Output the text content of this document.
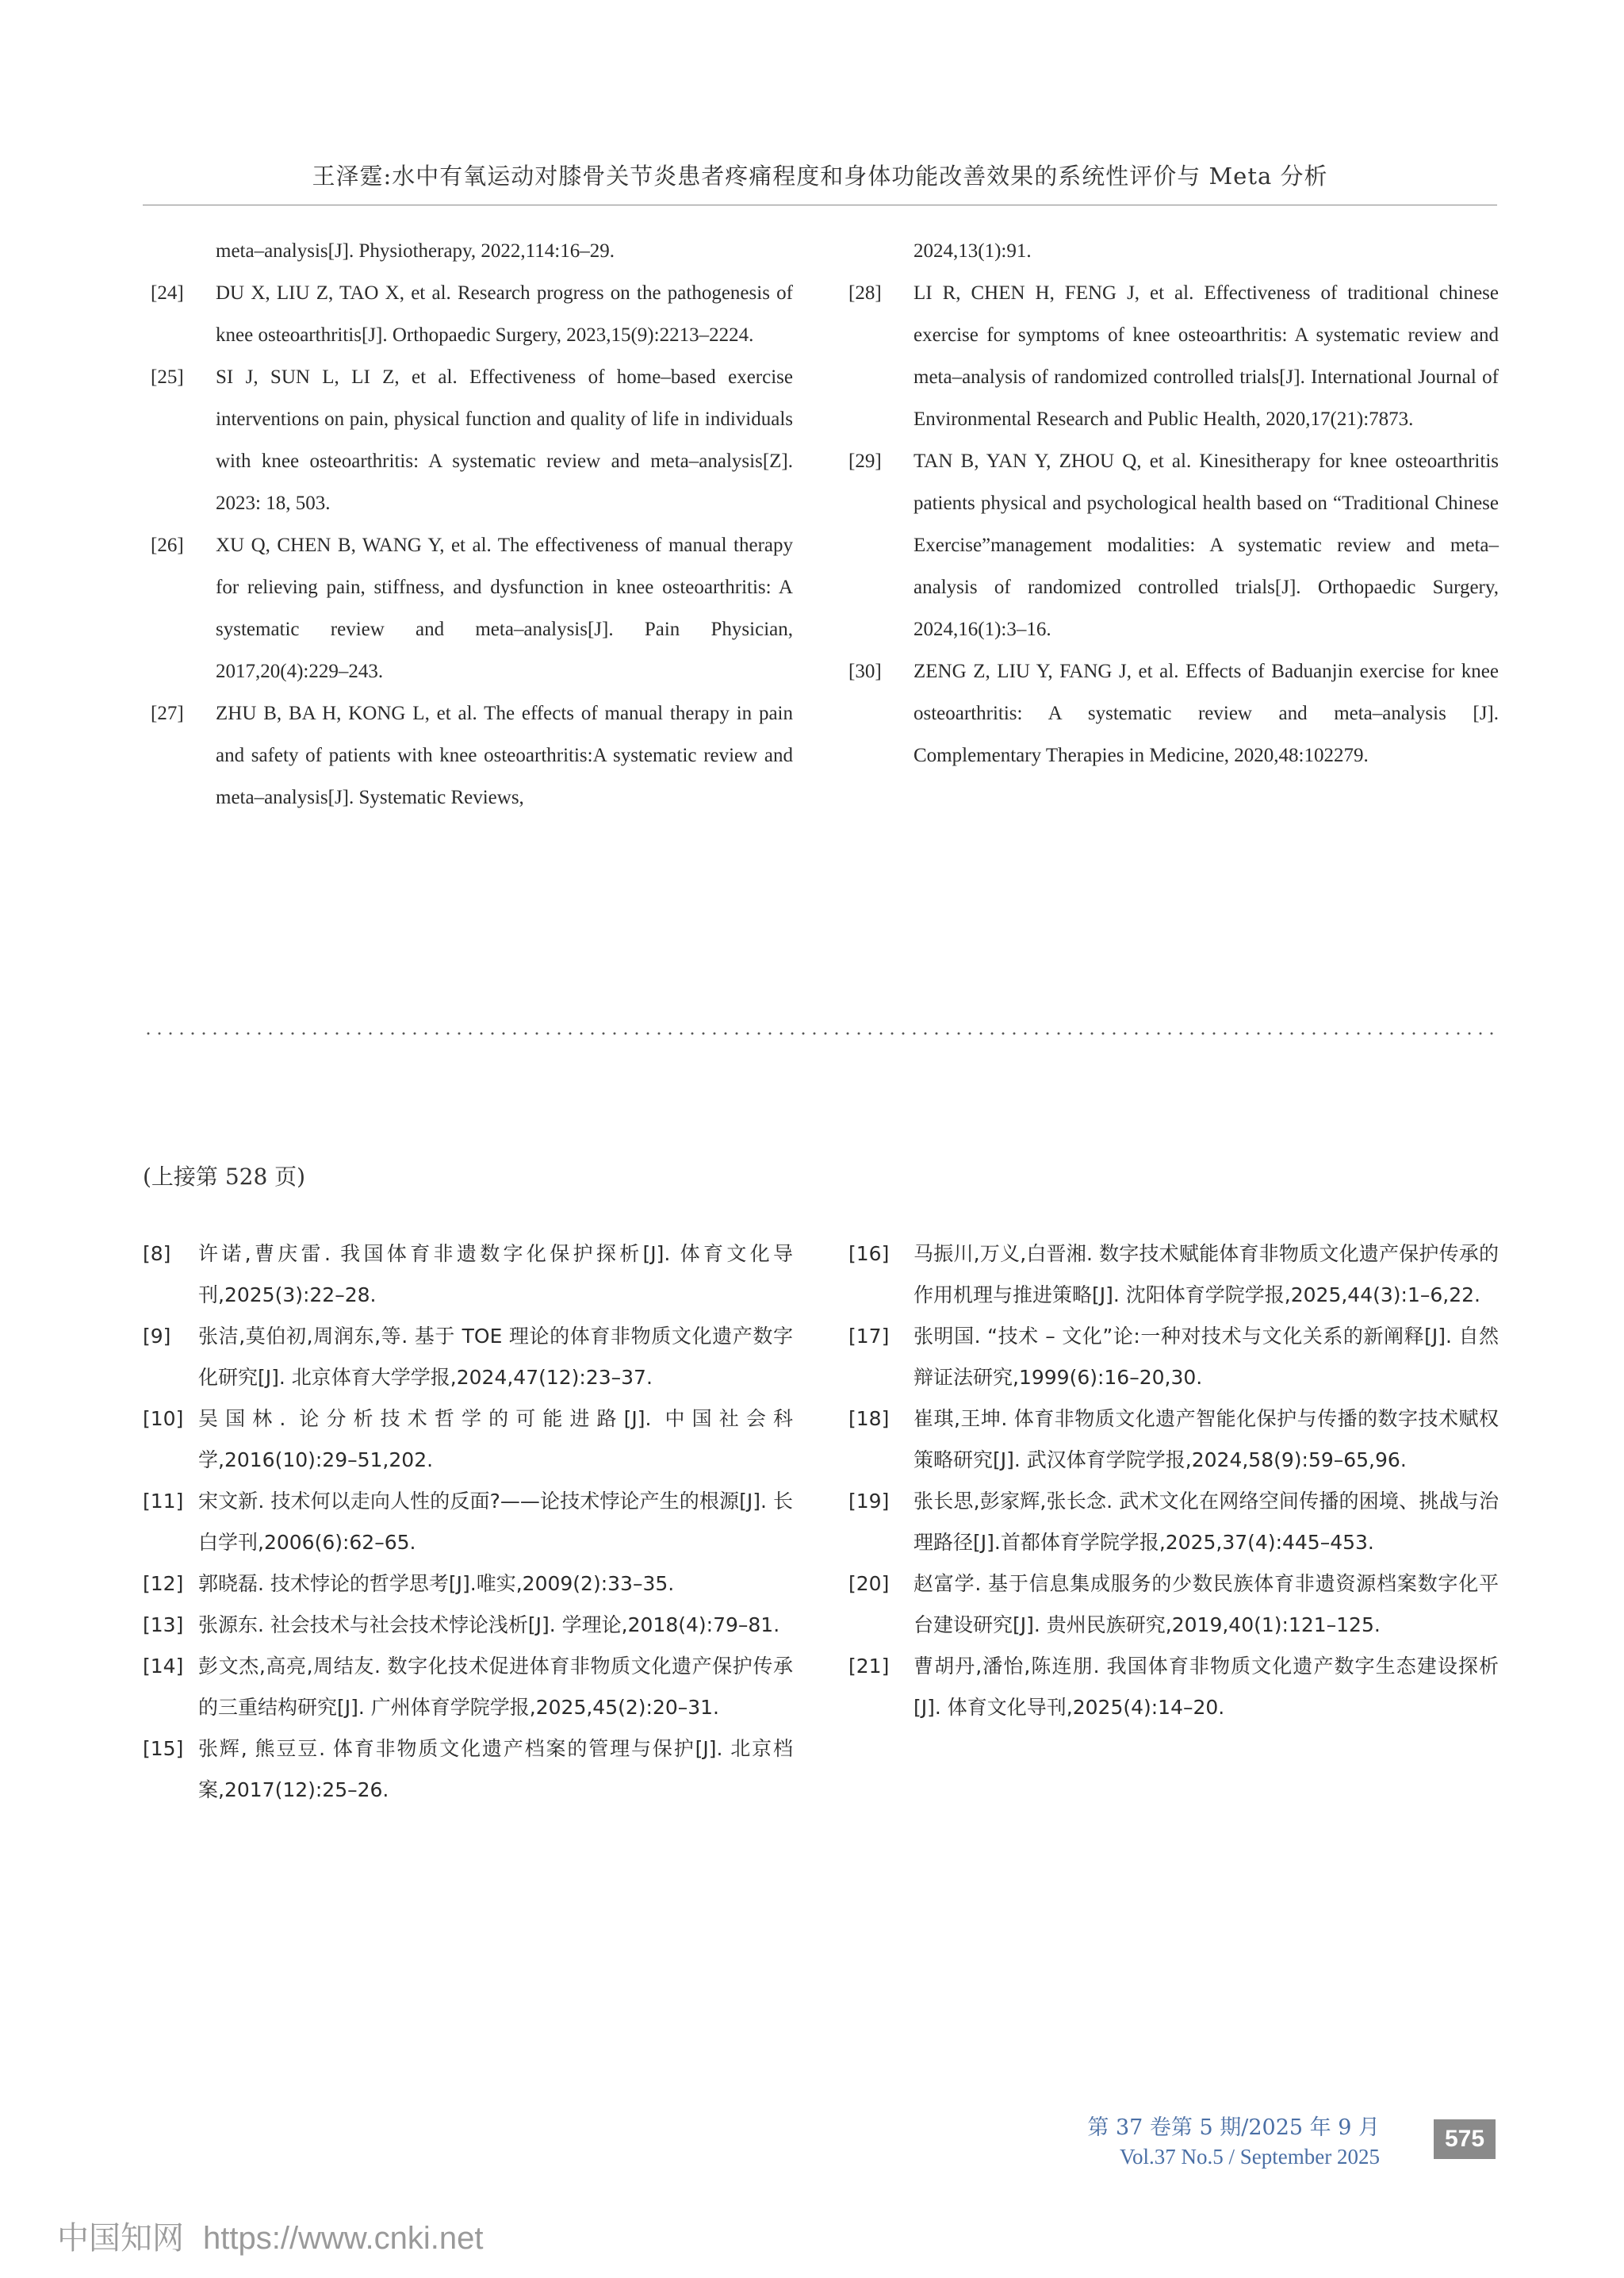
王泽霆:水中有氧运动对膝骨关节炎患者疼痛程度和身体功能改善效果的系统性评价与 Meta 分析
meta–analysis[J]. Physiotherapy, 2022,114:16–29.
[24] DU X, LIU Z, TAO X, et al. Research progress on the pathogenesis of knee osteoarthritis[J]. Orthopaedic Surgery, 2023,15(9):2213–2224.
[25] SI J, SUN L, LI Z, et al. Effectiveness of home–based exercise interventions on pain, physical function and quality of life in individuals with knee osteoarthritis: A systematic review and meta–analysis[Z]. 2023: 18, 503.
[26] XU Q, CHEN B, WANG Y, et al. The effectiveness of manual therapy for relieving pain, stiffness, and dysfunction in knee osteoarthritis: A systematic review and meta–analysis[J]. Pain Physician, 2017,20(4):229–243.
[27] ZHU B, BA H, KONG L, et al. The effects of manual therapy in pain and safety of patients with knee osteoarthritis:A systematic review and meta–analysis[J]. Systematic Reviews,
2024,13(1):91.
[28] LI R, CHEN H, FENG J, et al. Effectiveness of traditional chinese exercise for symptoms of knee osteoarthritis: A systematic review and meta–analysis of randomized controlled trials[J]. International Journal of Environmental Research and Public Health, 2020,17(21):7873.
[29] TAN B, YAN Y, ZHOU Q, et al. Kinesitherapy for knee osteoarthritis patients physical and psychological health based on “Traditional Chinese Exercise”management modalities: A systematic review and meta–analysis of randomized controlled trials[J]. Orthopaedic Surgery, 2024,16(1):3–16.
[30] ZENG Z, LIU Y, FANG J, et al. Effects of Baduanjin exercise for knee osteoarthritis: A systematic review and meta–analysis [J]. Complementary Therapies in Medicine, 2020,48:102279.
(上接第 528 页)
[8] 许诺,曹庆雷. 我国体育非遗数字化保护探析[J]. 体育文化导刊,2025(3):22–28.
[9] 张洁,莫伯初,周润东,等. 基于 TOE 理论的体育非物质文化遗产数字化研究[J]. 北京体育大学学报,2024,47(12):23–37.
[10] 吴国林. 论分析技术哲学的可能进路[J]. 中国社会科学,2016(10):29–51,202.
[11] 宋文新. 技术何以走向人性的反面?——论技术悖论产生的根源[J]. 长白学刊,2006(6):62–65.
[12] 郭晓磊. 技术悖论的哲学思考[J].唯实,2009(2):33–35.
[13] 张源东. 社会技术与社会技术悖论浅析[J]. 学理论,2018(4):79–81.
[14] 彭文杰,高亮,周结友. 数字化技术促进体育非物质文化遗产保护传承的三重结构研究[J]. 广州体育学院学报,2025,45(2):20–31.
[15] 张辉, 熊豆豆. 体育非物质文化遗产档案的管理与保护[J]. 北京档案,2017(12):25–26.
[16] 马振川,万义,白晋湘. 数字技术赋能体育非物质文化遗产保护传承的作用机理与推进策略[J]. 沈阳体育学院学报,2025,44(3):1–6,22.
[17] 张明国. “技术 – 文化”论:一种对技术与文化关系的新阐释[J]. 自然辩证法研究,1999(6):16–20,30.
[18] 崔琪,王坤. 体育非物质文化遗产智能化保护与传播的数字技术赋权策略研究[J]. 武汉体育学院学报,2024,58(9):59–65,96.
[19] 张长思,彭家辉,张长念. 武术文化在网络空间传播的困境、挑战与治理路径[J].首都体育学院学报,2025,37(4):445–453.
[20] 赵富学. 基于信息集成服务的少数民族体育非遗资源档案数字化平台建设研究[J]. 贵州民族研究,2019,40(1):121–125.
[21] 曹胡丹,潘怡,陈连朋. 我国体育非物质文化遗产数字生态建设探析[J]. 体育文化导刊,2025(4):14–20.
第 37 卷第 5 期/2025 年 9 月
Vol.37 No.5 / September 2025
575
中国知网 https://www.cnki.net
